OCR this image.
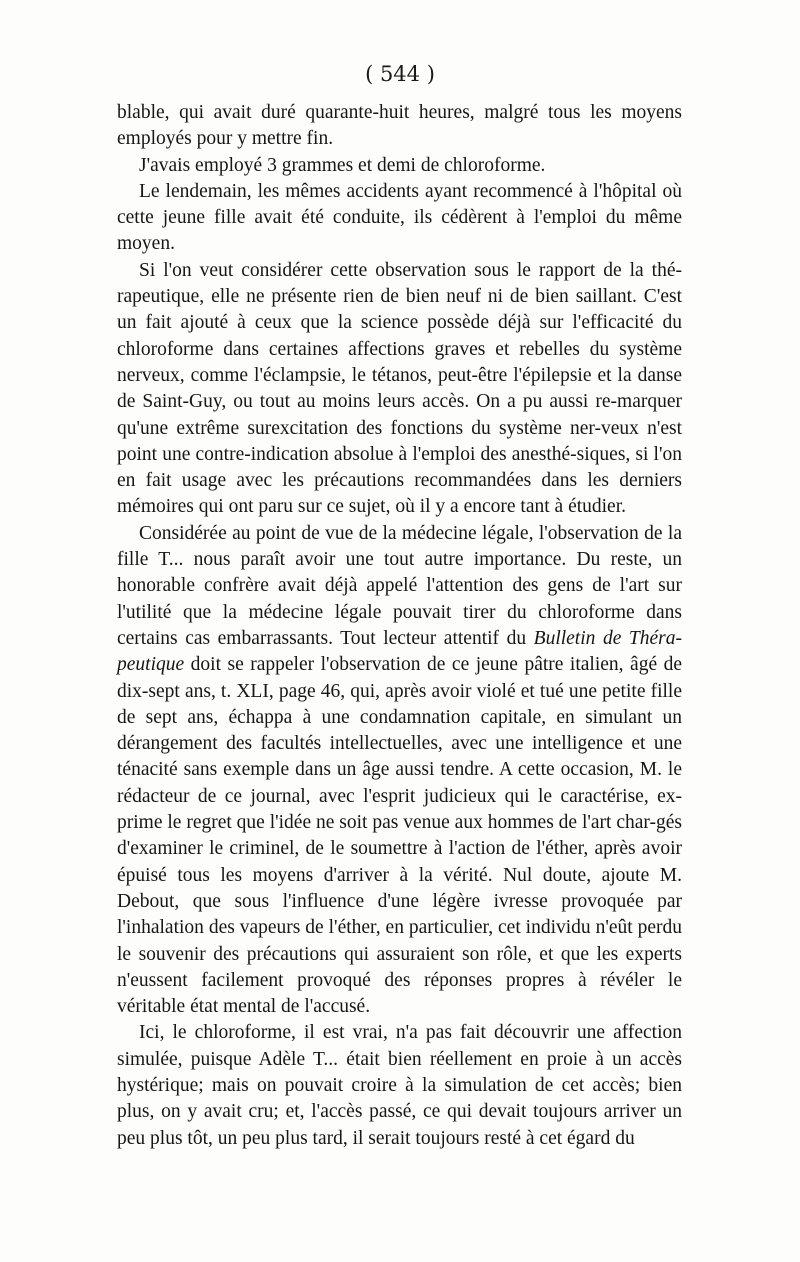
( 544 )

blable, qui avait duré quarante-huit heures, malgré tous les moyens employés pour y mettre fin.

J'avais employé 3 grammes et demi de chloroforme.

Le lendemain, les mêmes accidents ayant recommencé à l'hôpital où cette jeune fille avait été conduite, ils cédèrent à l'emploi du même moyen.

Si l'on veut considérer cette observation sous le rapport de la thé-rapeutique, elle ne présente rien de bien neuf ni de bien saillant. C'est un fait ajouté à ceux que la science possède déjà sur l'efficacité du chloroforme dans certaines affections graves et rebelles du système nerveux, comme l'éclampsie, le tétanos, peut-être l'épilepsie et la danse de Saint-Guy, ou tout au moins leurs accès. On a pu aussi re-marquer qu'une extrême surexcitation des fonctions du système ner-veux n'est point une contre-indication absolue à l'emploi des anesthé-siques, si l'on en fait usage avec les précautions recommandées dans les derniers mémoires qui ont paru sur ce sujet, où il y a encore tant à étudier.

Considérée au point de vue de la médecine légale, l'observation de la fille T... nous paraît avoir une tout autre importance. Du reste, un honorable confrère avait déjà appelé l'attention des gens de l'art sur l'utilité que la médecine légale pouvait tirer du chloroforme dans certains cas embarrassants. Tout lecteur attentif du Bulletin de Théra-peutique doit se rappeler l'observation de ce jeune pâtre italien, âgé de dix-sept ans, t. XLI, page 46, qui, après avoir violé et tué une petite fille de sept ans, échappa à une condamnation capitale, en simulant un dérangement des facultés intellectuelles, avec une intelligence et une ténacité sans exemple dans un âge aussi tendre. A cette occasion, M. le rédacteur de ce journal, avec l'esprit judicieux qui le caractérise, ex-prime le regret que l'idée ne soit pas venue aux hommes de l'art char-gés d'examiner le criminel, de le soumettre à l'action de l'éther, après avoir épuisé tous les moyens d'arriver à la vérité. Nul doute, ajoute M. Debout, que sous l'influence d'une légère ivresse provoquée par l'inhalation des vapeurs de l'éther, en particulier, cet individu n'eût perdu le souvenir des précautions qui assuraient son rôle, et que les experts n'eussent facilement provoqué des réponses propres à révéler le véritable état mental de l'accusé.

Ici, le chloroforme, il est vrai, n'a pas fait découvrir une affection simulée, puisque Adèle T... était bien réellement en proie à un accès hystérique; mais on pouvait croire à la simulation de cet accès; bien plus, on y avait cru; et, l'accès passé, ce qui devait toujours arriver un peu plus tôt, un peu plus tard, il serait toujours resté à cet égard du
